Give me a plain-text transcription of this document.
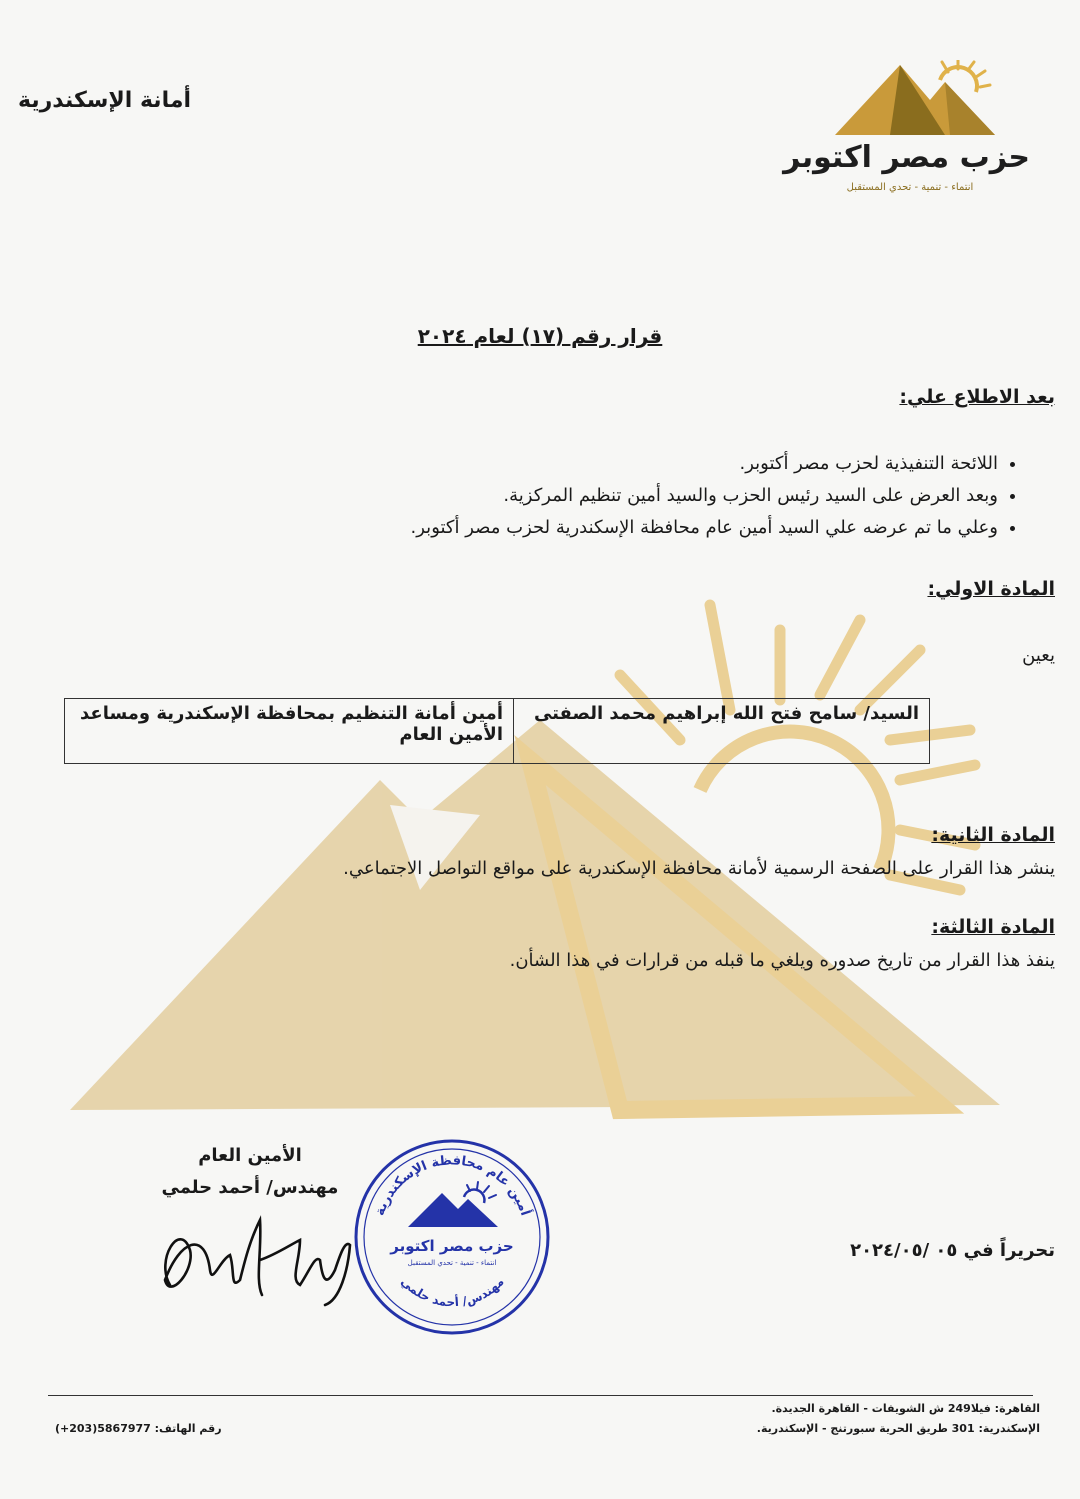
حزب مصر اكتوبر
انتماء - تنمية - تحدي المستقبل
أمانة الإسكندرية
قرار رقم (١٧) لعام ٢٠٢٤
بعد الاطلاع علي:
• اللائحة التنفيذية لحزب مصر أكتوبر.
• وبعد العرض على السيد رئيس الحزب والسيد أمين تنظيم المركزية.
• وعلي ما تم عرضه علي السيد أمين عام محافظة الإسكندرية لحزب مصر أكتوبر.
المادة الاولي:
يعين
السيد/ سامح فتح الله إبراهيم محمد الصفتى	أمين أمانة التنظيم بمحافظة الإسكندرية ومساعد الأمين العام
المادة الثانية:
ينشر هذا القرار على الصفحة الرسمية لأمانة محافظة الإسكندرية على مواقع التواصل الاجتماعي.
المادة الثالثة:
ينفذ هذا القرار من تاريخ صدوره ويلغي ما قبله من قرارات في هذا الشأن.
الأمين العام
مهندس/ أحمد حلمي
أمين عام محافظة الإسكندرية
حزب مصر اكتوبر
انتماء - تنمية - تحدي المستقبل
مهندس/ أحمد حلمي
تحريراً في ٠٥ /٢٠٢٤/٠٥
القاهرة: فيلا249 ش الشويفات - القاهرة الجديدة.
الإسكندرية: 301 طريق الحرية سبورتنج - الإسكندرية.
رقم الهاتف: 5867977(203+)
